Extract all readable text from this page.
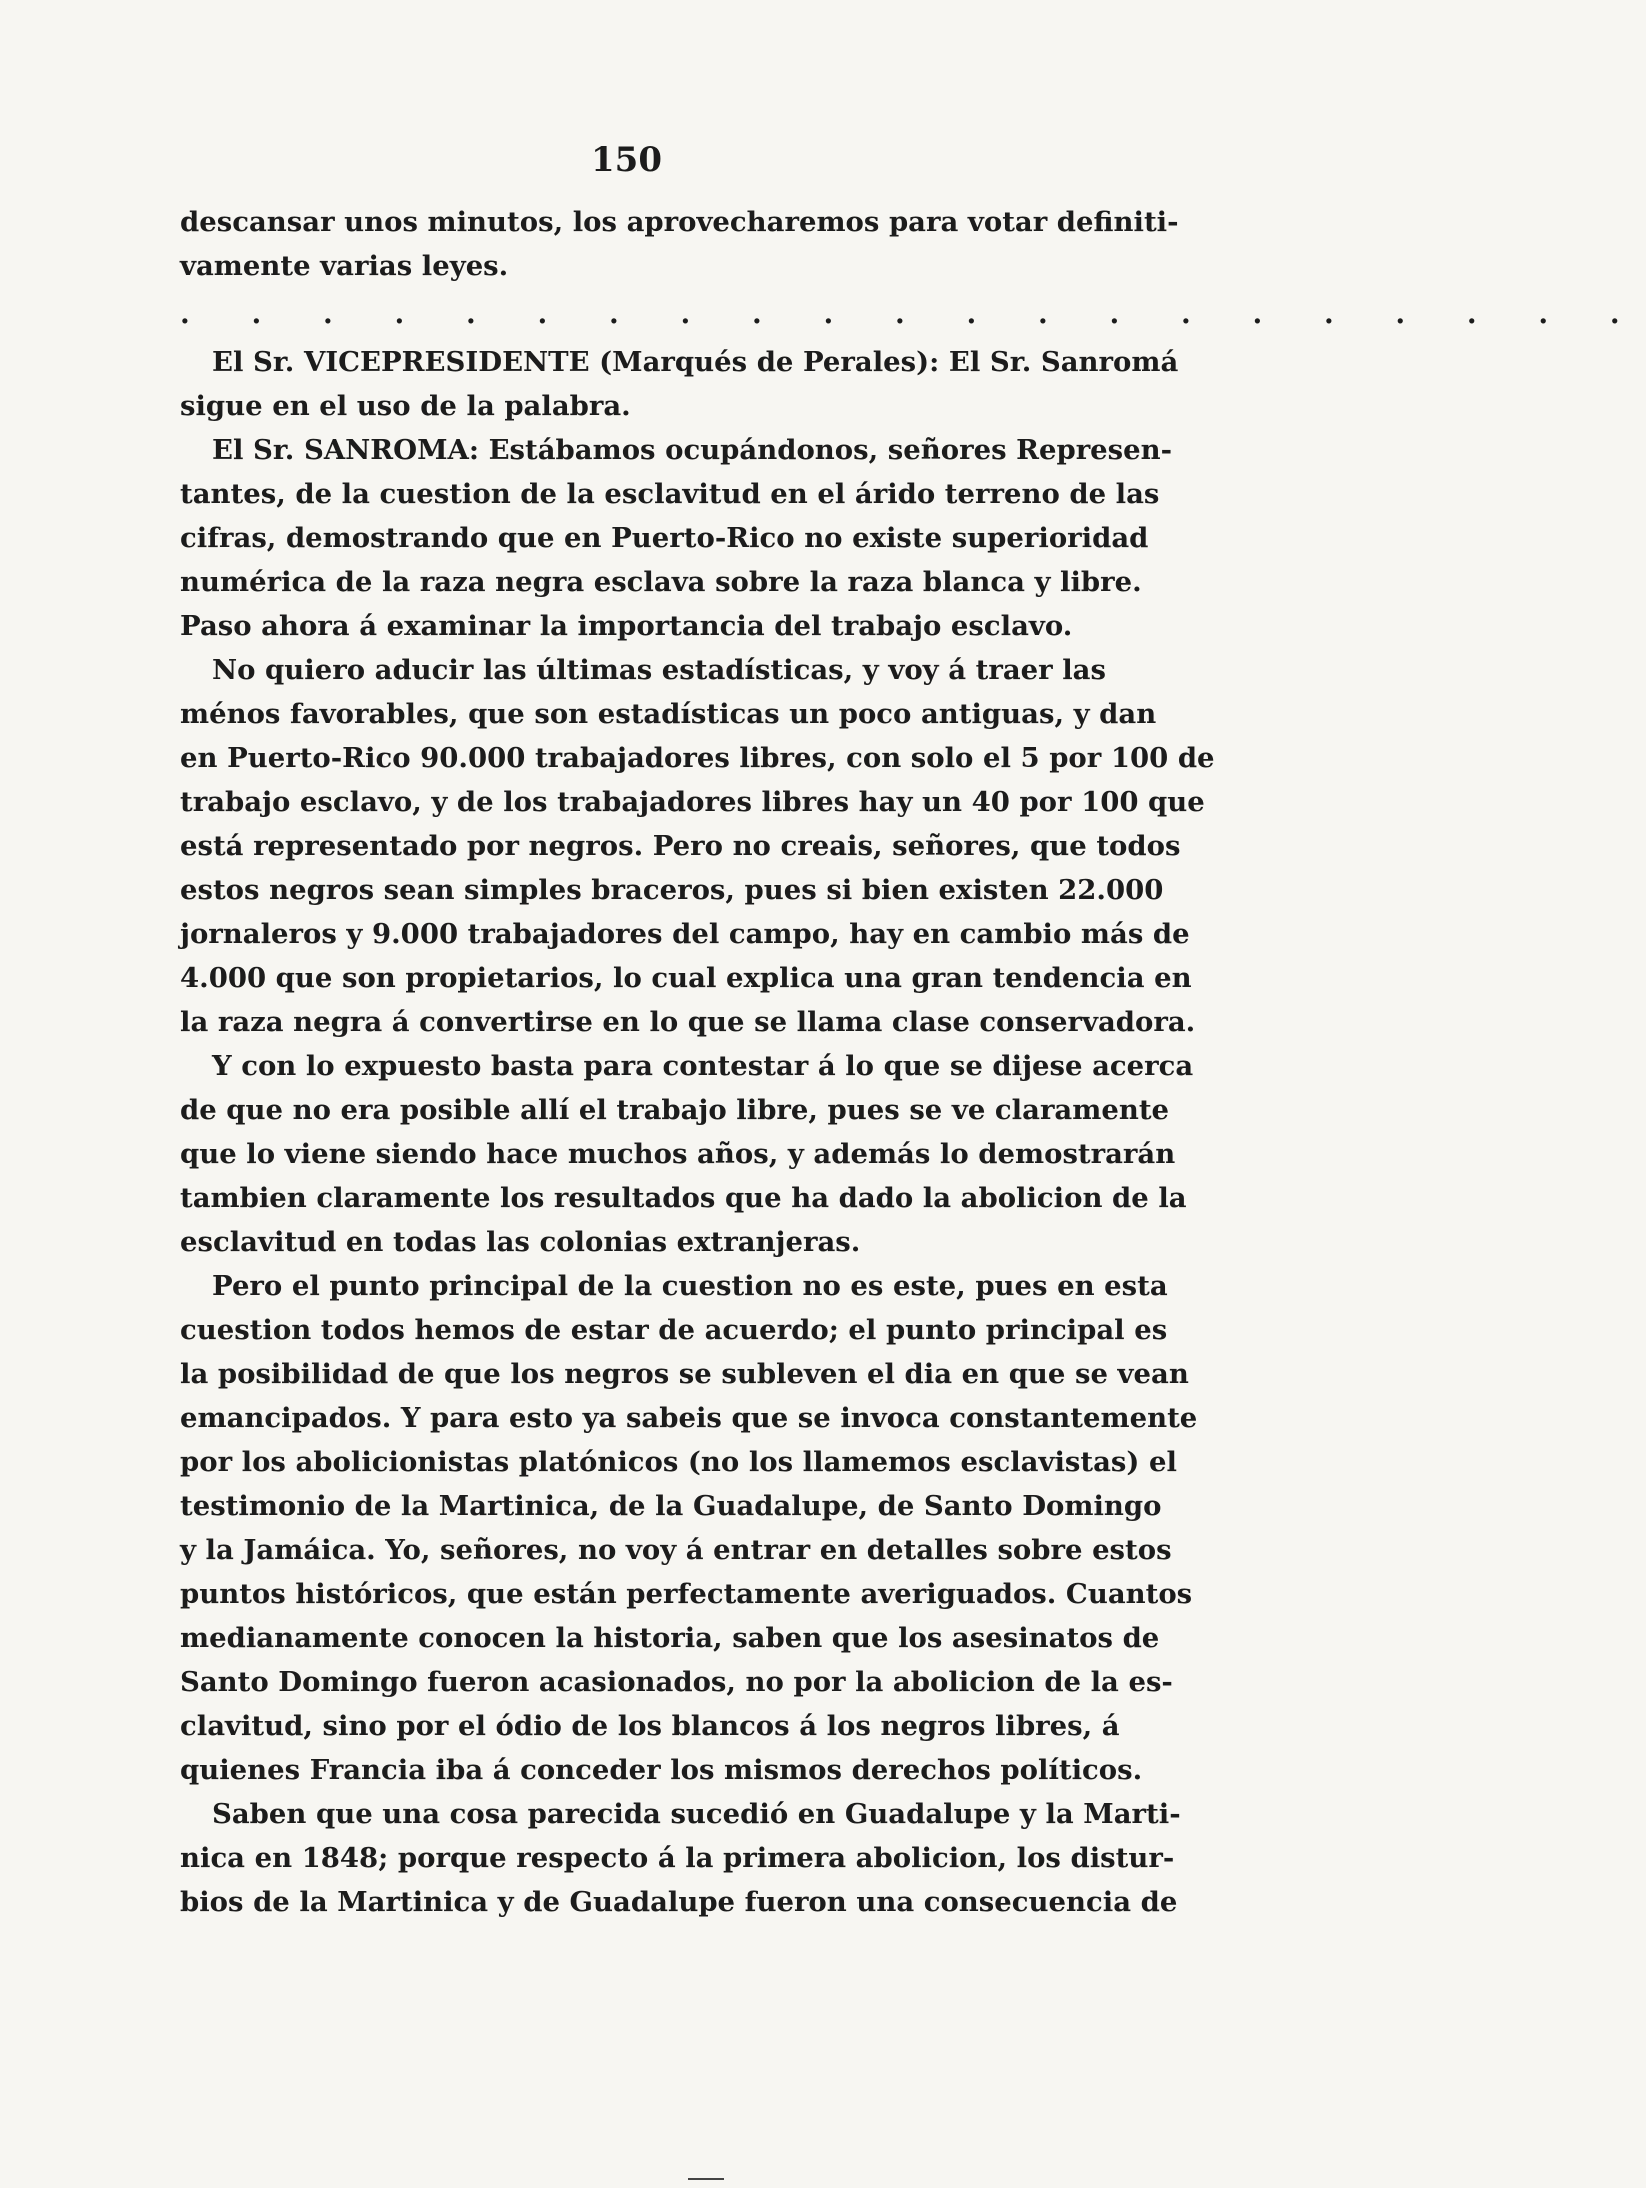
150
descansar unos minutos, los aprovecharemos para votar definiti-
vamente varias leyes.
. . . . . . . . . . . . . . . . . . . . .
El Sr. VICEPRESIDENTE (Marqués de Perales): El Sr. Sanromá
sigue en el uso de la palabra.
El Sr. SANROMA: Estábamos ocupándonos, señores Represen-
tantes, de la cuestion de la esclavitud en el árido terreno de las
cifras, demostrando que en Puerto-Rico no existe superioridad
numérica de la raza negra esclava sobre la raza blanca y libre.
Paso ahora á examinar la importancia del trabajo esclavo.
No quiero aducir las últimas estadísticas, y voy á traer las
ménos favorables, que son estadísticas un poco antiguas, y dan
en Puerto-Rico 90.000 trabajadores libres, con solo el 5 por 100 de
trabajo esclavo, y de los trabajadores libres hay un 40 por 100 que
está representado por negros. Pero no creais, señores, que todos
estos negros sean simples braceros, pues si bien existen 22.000
jornaleros y 9.000 trabajadores del campo, hay en cambio más de
4.000 que son propietarios, lo cual explica una gran tendencia en
la raza negra á convertirse en lo que se llama clase conservadora.
Y con lo expuesto basta para contestar á lo que se dijese acerca
de que no era posible allí el trabajo libre, pues se ve claramente
que lo viene siendo hace muchos años, y además lo demostrarán
tambien claramente los resultados que ha dado la abolicion de la
esclavitud en todas las colonias extranjeras.
Pero el punto principal de la cuestion no es este, pues en esta
cuestion todos hemos de estar de acuerdo; el punto principal es
la posibilidad de que los negros se subleven el dia en que se vean
emancipados. Y para esto ya sabeis que se invoca constantemente
por los abolicionistas platónicos (no los llamemos esclavistas) el
testimonio de la Martinica, de la Guadalupe, de Santo Domingo
y la Jamáica. Yo, señores, no voy á entrar en detalles sobre estos
puntos históricos, que están perfectamente averiguados. Cuantos
medianamente conocen la historia, saben que los asesinatos de
Santo Domingo fueron acasionados, no por la abolicion de la es-
clavitud, sino por el ódio de los blancos á los negros libres, á
quienes Francia iba á conceder los mismos derechos políticos.
Saben que una cosa parecida sucedió en Guadalupe y la Marti-
nica en 1848; porque respecto á la primera abolicion, los distur-
bios de la Martinica y de Guadalupe fueron una consecuencia de
